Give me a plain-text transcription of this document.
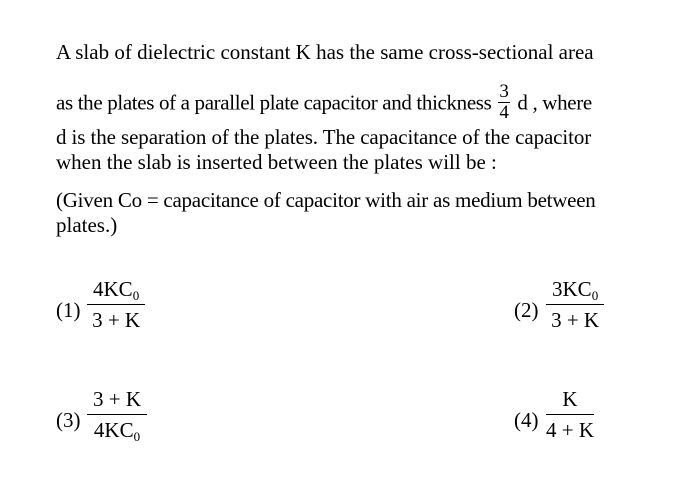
A slab of dielectric constant K has the same cross-sectional area
as the plates of a parallel plate capacitor and thickness $\frac{3}{4}$ d , where
d is the separation of the plates. The capacitance of the capacitor
when the slab is inserted between the plates will be :
(Given Co = capacitance of capacitor with air as medium between
plates.)
$(1) \frac{4KC_0}{3 + K}$	$(2) \frac{3KC_0}{3 + K}$
$(3) \frac{3 + K}{4KC_0}$	$(4) \frac{K}{4 + K}$
